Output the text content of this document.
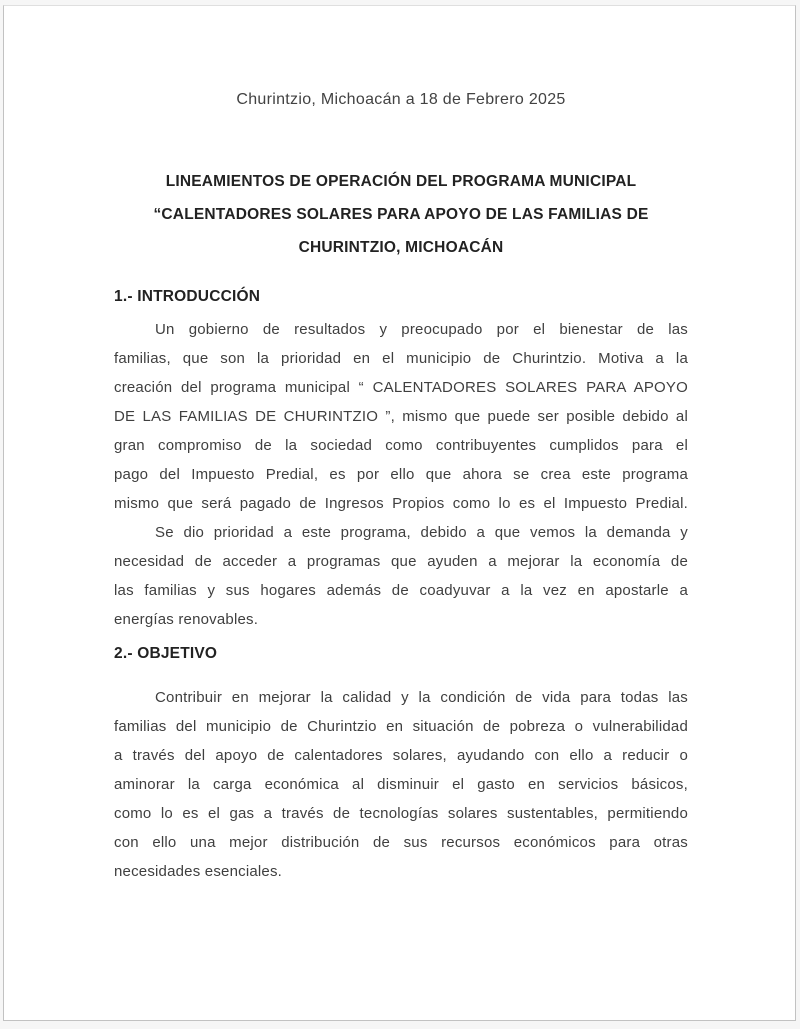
Churintzio, Michoacán a 18 de Febrero 2025

LINEAMIENTOS DE OPERACIÓN DEL PROGRAMA MUNICIPAL
“CALENTADORES SOLARES PARA APOYO DE LAS FAMILIAS DE
CHURINTZIO, MICHOACÁN
1.- INTRODUCCIÓN
Un gobierno de resultados y preocupado por el bienestar de las
familias, que son la prioridad en el municipio de Churintzio. Motiva a la
creación del programa municipal “ CALENTADORES SOLARES PARA APOYO
DE LAS FAMILIAS DE CHURINTZIO ”, mismo que puede ser posible debido al
gran compromiso de la sociedad como contribuyentes cumplidos para el
pago del Impuesto Predial, es por ello que ahora se crea este programa
mismo que será pagado de Ingresos Propios como lo es el Impuesto Predial.
Se dio prioridad a este programa, debido a que vemos la demanda y
necesidad de acceder a programas que ayuden a mejorar la economía de
las familias y sus hogares además de coadyuvar a la vez en apostarle a
energías renovables.
2.- OBJETIVO
Contribuir en mejorar la calidad y la condición de vida para todas las
familias del municipio de Churintzio en situación de pobreza o vulnerabilidad
a través del apoyo de calentadores solares, ayudando con ello a reducir o
aminorar la carga económica al disminuir el gasto en servicios básicos,
como lo es el gas a través de tecnologías solares sustentables, permitiendo
con ello una mejor distribución de sus recursos económicos para otras
necesidades esenciales.
